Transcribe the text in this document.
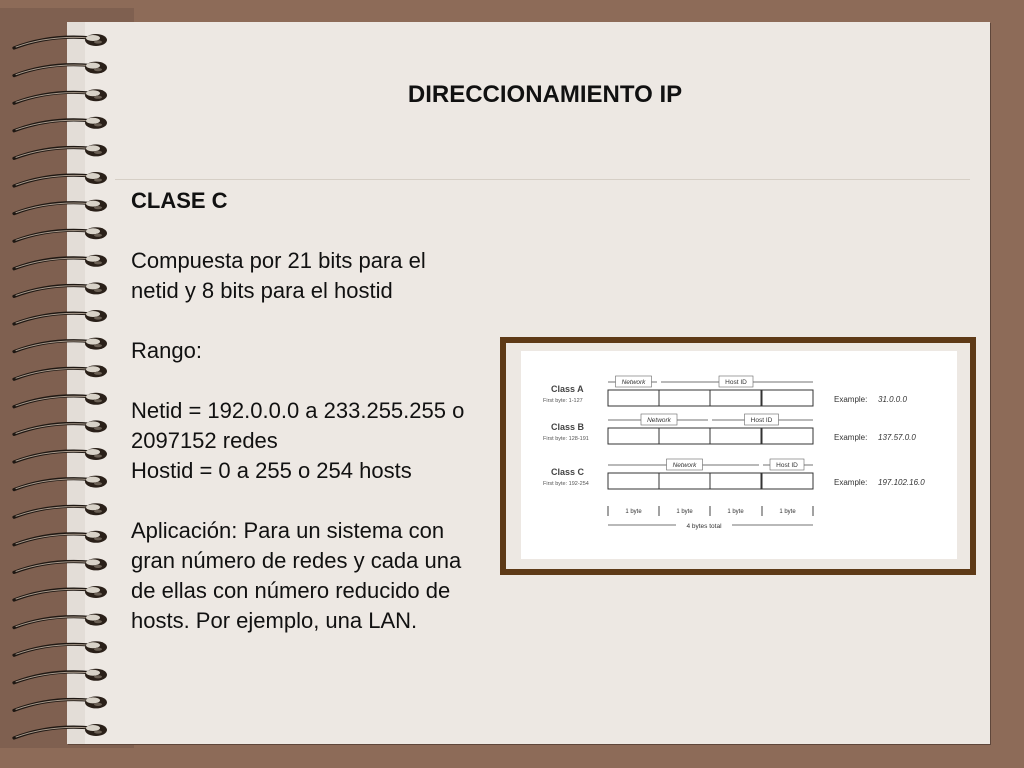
DIRECCIONAMIENTO IP

CLASE C

Compuesta por 21 bits para el netid y 8 bits para el hostid

Rango:

Netid = 192.0.0.0 a 233.255.255 o 2097152 redes

Hostid = 0 a 255 o 254 hosts

Aplicación: Para un sistema con gran número de redes y cada una de ellas con número reducido de hosts. Por ejemplo, una LAN.

Class A
First byte: 1-127
Network	Host ID
Example: 31.0.0.0
Class B
First byte: 128-191
Network	Host ID
Example: 137.57.0.0
Class C
First byte: 192-254
Network	Host ID
Example: 197.102.16.0
1 byte	1 byte	1 byte	1 byte
4 bytes total
